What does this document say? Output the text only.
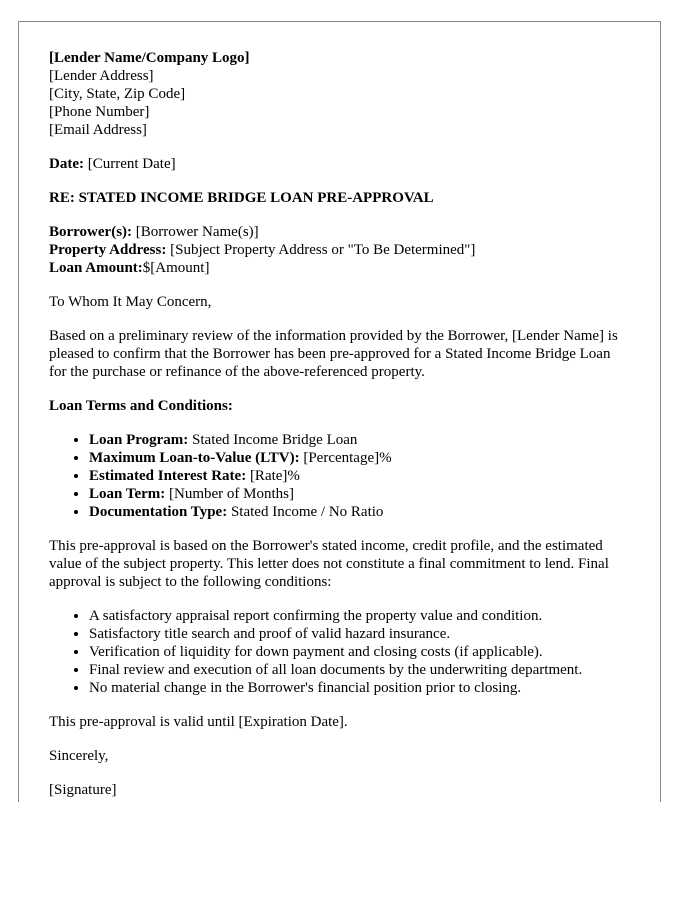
[Lender Name/Company Logo]
[Lender Address]
[City, State, Zip Code]
[Phone Number]
[Email Address]

Date: [Current Date]

RE: STATED INCOME BRIDGE LOAN PRE-APPROVAL

Borrower(s): [Borrower Name(s)]
Property Address: [Subject Property Address or "To Be Determined"]
Loan Amount:$[Amount]

To Whom It May Concern,

Based on a preliminary review of the information provided by the Borrower, [Lender Name] is pleased to confirm that the Borrower has been pre-approved for a Stated Income Bridge Loan for the purchase or refinance of the above-referenced property.

Loan Terms and Conditions:

• Loan Program: Stated Income Bridge Loan
• Maximum Loan-to-Value (LTV): [Percentage]%
• Estimated Interest Rate: [Rate]%
• Loan Term: [Number of Months]
• Documentation Type: Stated Income / No Ratio

This pre-approval is based on the Borrower's stated income, credit profile, and the estimated value of the subject property. This letter does not constitute a final commitment to lend. Final approval is subject to the following conditions:

• A satisfactory appraisal report confirming the property value and condition.
• Satisfactory title search and proof of valid hazard insurance.
• Verification of liquidity for down payment and closing costs (if applicable).
• Final review and execution of all loan documents by the underwriting department.
• No material change in the Borrower's financial position prior to closing.

This pre-approval is valid until [Expiration Date].

Sincerely,

[Signature]
